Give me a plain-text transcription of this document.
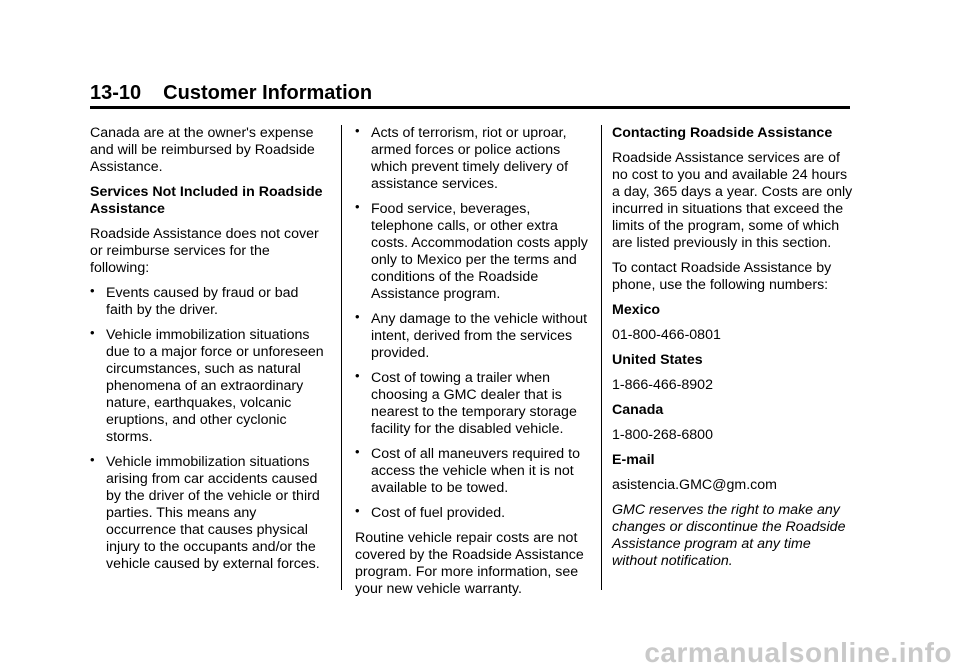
13-10 Customer Information

Canada are at the owner's expense and will be reimbursed by Roadside Assistance.

Services Not Included in Roadside Assistance

Roadside Assistance does not cover or reimburse services for the following:

• Events caused by fraud or bad faith by the driver.
• Vehicle immobilization situations due to a major force or unforeseen circumstances, such as natural phenomena of an extraordinary nature, earthquakes, volcanic eruptions, and other cyclonic storms.
• Vehicle immobilization situations arising from car accidents caused by the driver of the vehicle or third parties. This means any occurrence that causes physical injury to the occupants and/or the vehicle caused by external forces.
• Acts of terrorism, riot or uproar, armed forces or police actions which prevent timely delivery of assistance services.
• Food service, beverages, telephone calls, or other extra costs. Accommodation costs apply only to Mexico per the terms and conditions of the Roadside Assistance program.
• Any damage to the vehicle without intent, derived from the services provided.
• Cost of towing a trailer when choosing a GMC dealer that is nearest to the temporary storage facility for the disabled vehicle.
• Cost of all maneuvers required to access the vehicle when it is not available to be towed.
• Cost of fuel provided.

Routine vehicle repair costs are not covered by the Roadside Assistance program. For more information, see your new vehicle warranty.

Contacting Roadside Assistance

Roadside Assistance services are of no cost to you and available 24 hours a day, 365 days a year. Costs are only incurred in situations that exceed the limits of the program, some of which are listed previously in this section.

To contact Roadside Assistance by phone, use the following numbers:

Mexico

01-800-466-0801

United States

1-866-466-8902

Canada

1-800-268-6800

E-mail

asistencia.GMC@gm.com

GMC reserves the right to make any changes or discontinue the Roadside Assistance program at any time without notification.

carmanualsonline.info
